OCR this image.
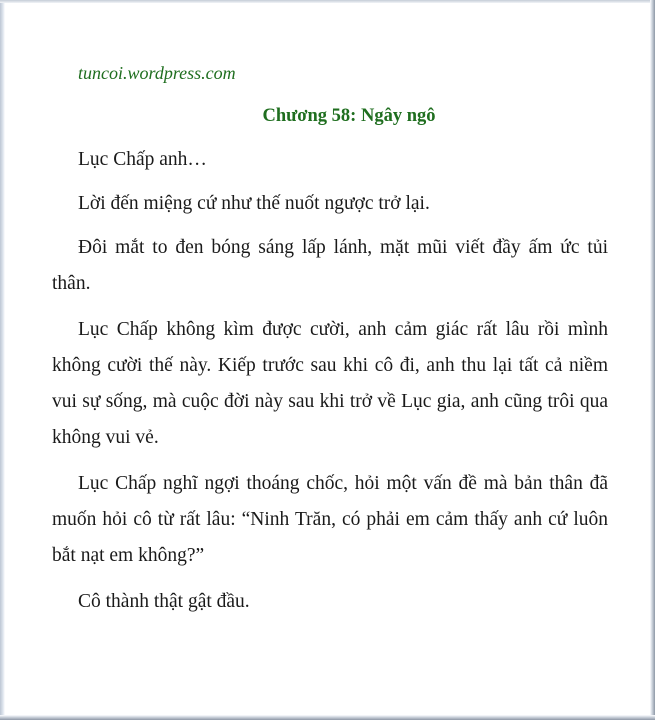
tuncoi.wordpress.com
Chương 58: Ngây ngô

Lục Chấp anh…

Lời đến miệng cứ như thế nuốt ngược trở lại.

Đôi mắt to đen bóng sáng lấp lánh, mặt mũi viết đầy ấm ức tủi thân.

Lục Chấp không kìm được cười, anh cảm giác rất lâu rồi mình không cười thế này. Kiếp trước sau khi cô đi, anh thu lại tất cả niềm vui sự sống, mà cuộc đời này sau khi trở về Lục gia, anh cũng trôi qua không vui vẻ.

Lục Chấp nghĩ ngợi thoáng chốc, hỏi một vấn đề mà bản thân đã muốn hỏi cô từ rất lâu: “Ninh Trăn, có phải em cảm thấy anh cứ luôn bắt nạt em không?”

Cô thành thật gật đầu.
